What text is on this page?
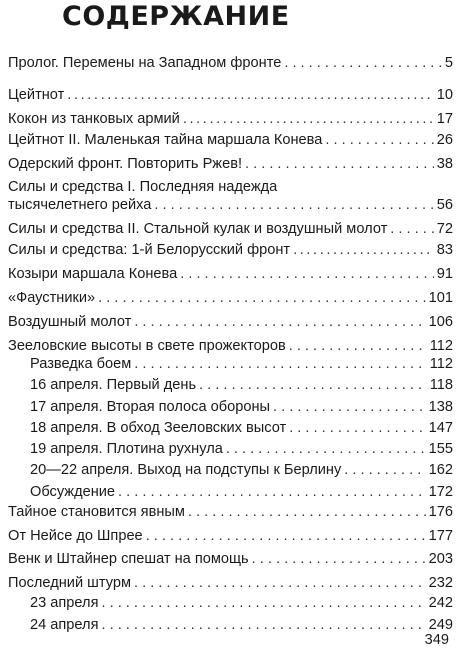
СОДЕРЖАНИЕ
Пролог. Перемены на Западном фронте . . .	5
Цейтнот .....	10
Кокон из танковых армий .....	17
Цейтнот II. Маленькая тайна маршала Конева . . .	26
Одерский фронт. Повторить Ржев! . . .	38
Силы и средства I. Последняя надежда
тысячелетнего рейха . . .	56
Силы и средства II. Стальной кулак и воздушный молот . . .	72
Силы и средства: 1-й Белорусский фронт .....	83
Козыри маршала Конева . . .	91
«Фаустники» . . .	101
Воздушный молот . . .	106
Зееловские высоты в свете прожекторов . . .	112
Разведка боем . . .	112
16 апреля. Первый день . . .	118
17 апреля. Вторая полоса обороны . . .	138
18 апреля. В обход Зееловских высот . . .	147
19 апреля. Плотина рухнула . . .	155
20—22 апреля. Выход на подступы к Берлину . . .	162
Обсуждение . . .	172
Тайное становится явным . . .	176
От Нейсе до Шпрее . . .	177
Венк и Штайнер спешат на помощь . . .	203
Последний штурм . . .	232
23 апреля . . .	242
24 апреля . . .	249
349
